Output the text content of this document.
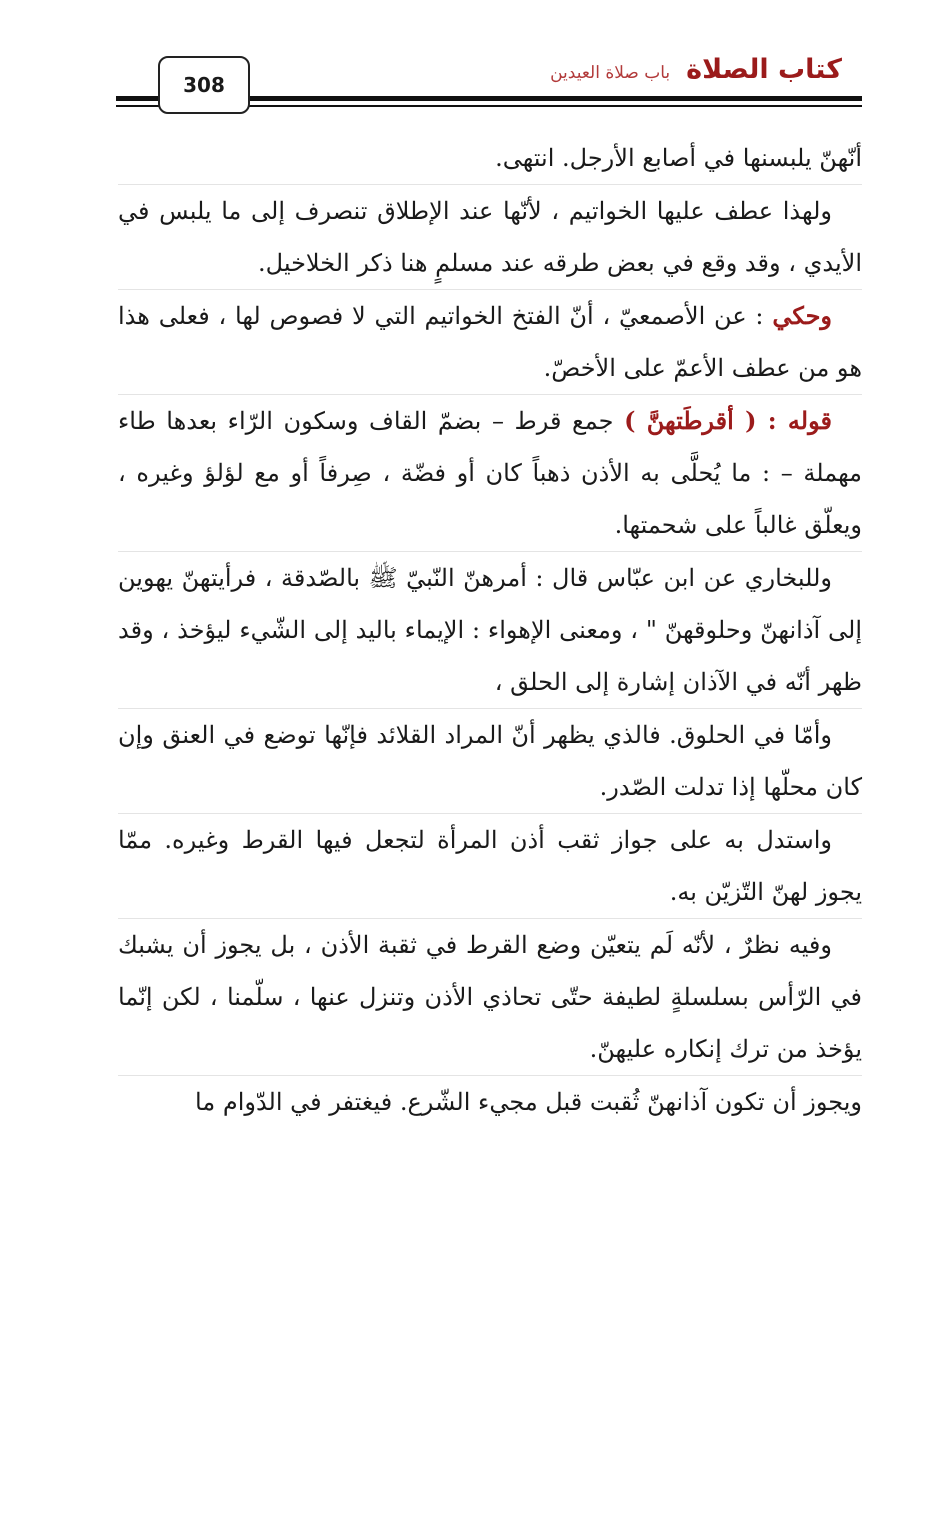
كتاب الصلاة
باب صلاة العيدين
308

أنّهنّ يلبسنها في أصابع الأرجل. انتهى.

ولهذا عطف عليها الخواتيم ، لأنّها عند الإطلاق تنصرف إلى ما يلبس في الأيدي ، وقد وقع في بعض طرقه عند مسلمٍ هنا ذكر الخلاخيل.

وحكي : عن الأصمعيّ ، أنّ الفتخ الخواتيم التي لا فصوص لها ، فعلى هذا هو من عطف الأعمّ على الأخصّ.

قوله : ( أقرطَتهنَّ ) جمع قرط – بضمّ القاف وسكون الرّاء بعدها طاء مهملة – : ما يُحلَّى به الأذن ذهباً كان أو فضّة ، صِرفاً أو مع لؤلؤ وغيره ، ويعلّق غالباً على شحمتها.

وللبخاري عن ابن عبّاس قال : أمرهنّ النّبيّ ﷺ بالصّدقة ، فرأيتهنّ يهوين إلى آذانهنّ وحلوقهنّ " ، ومعنى الإهواء : الإيماء باليد إلى الشّيء ليؤخذ ، وقد ظهر أنّه في الآذان إشارة إلى الحلق ،

وأمّا في الحلوق. فالذي يظهر أنّ المراد القلائد فإنّها توضع في العنق وإن كان محلّها إذا تدلت الصّدر.

واستدل به على جواز ثقب أذن المرأة لتجعل فيها القرط وغيره. ممّا يجوز لهنّ التّزيّن به.

وفيه نظرٌ ، لأنّه لَم يتعيّن وضع القرط في ثقبة الأذن ، بل يجوز أن يشبك في الرّأس بسلسلةٍ لطيفة حتّى تحاذي الأذن وتنزل عنها ، سلّمنا ، لكن إنّما يؤخذ من ترك إنكاره عليهنّ.

ويجوز أن تكون آذانهنّ ثُقبت قبل مجيء الشّرع. فيغتفر في الدّوام ما
